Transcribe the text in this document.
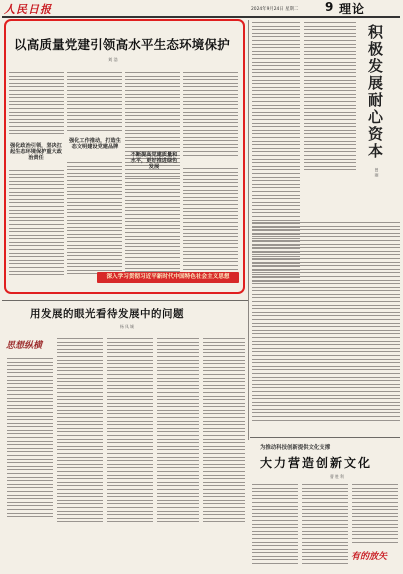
人民日报	2024年9月24日 星期二 9 理论
以高质量党建引领高水平生态环境保护
刘 浩
强化政治引领，坚决扛起生态环境保护重大政治责任
强化工作推动，打造生态文明建设党建品牌
不断提高党建质量和水平，更好推进绿色发展
深入学习贯彻习近平新时代中国特色社会主义思想
积极发展耐心资本
曾 刚
为推动科技创新提供文化支撑
大力营造创新文化
曹 胜 利
有的放矢
用发展的眼光看待发展中的问题
杨 凤 城
思想纵横
